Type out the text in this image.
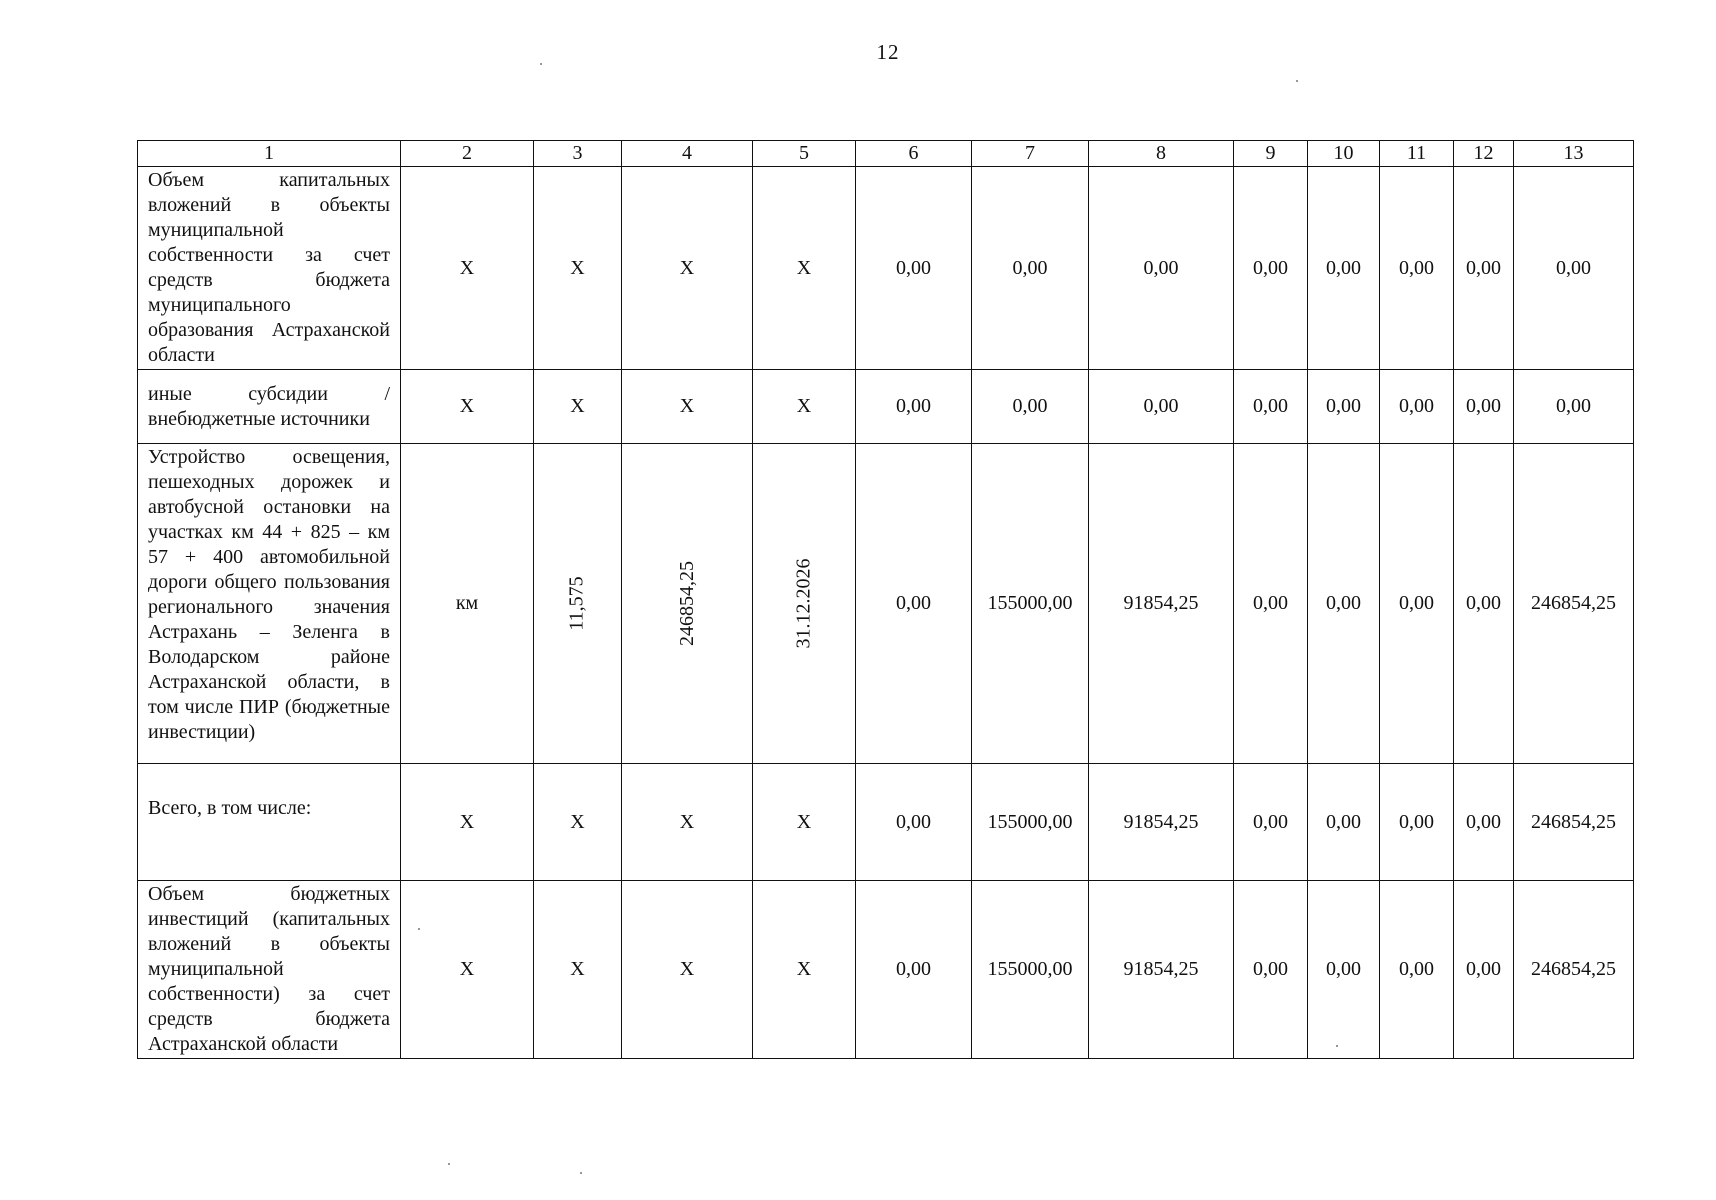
12
1	2	3	4	5	6	7	8	9	10	11	12	13
Объем капитальных вложений в объекты муниципальной собственности за счет средств бюджета муниципального образования Астраханской области	Х	Х	Х	Х	0,00	0,00	0,00	0,00	0,00	0,00	0,00	0,00
иные субсидии / внебюджетные источники	Х	Х	Х	Х	0,00	0,00	0,00	0,00	0,00	0,00	0,00	0,00
Устройство освещения, пешеходных дорожек и автобусной остановки на участках км 44 + 825 – км 57 + 400 автомобильной дороги общего пользования регионального значения Астрахань – Зеленга в Володарском районе Астраханской области, в том числе ПИР (бюджетные инвестиции)	км	11,575	246854,25	31.12.2026	0,00	155000,00	91854,25	0,00	0,00	0,00	0,00	246854,25
Всего, в том числе:	Х	Х	Х	Х	0,00	155000,00	91854,25	0,00	0,00	0,00	0,00	246854,25
Объем бюджетных инвестиций (капитальных вложений в объекты муниципальной собственности) за счет средств бюджета Астраханской области	Х	Х	Х	Х	0,00	155000,00	91854,25	0,00	0,00	0,00	0,00	246854,25
